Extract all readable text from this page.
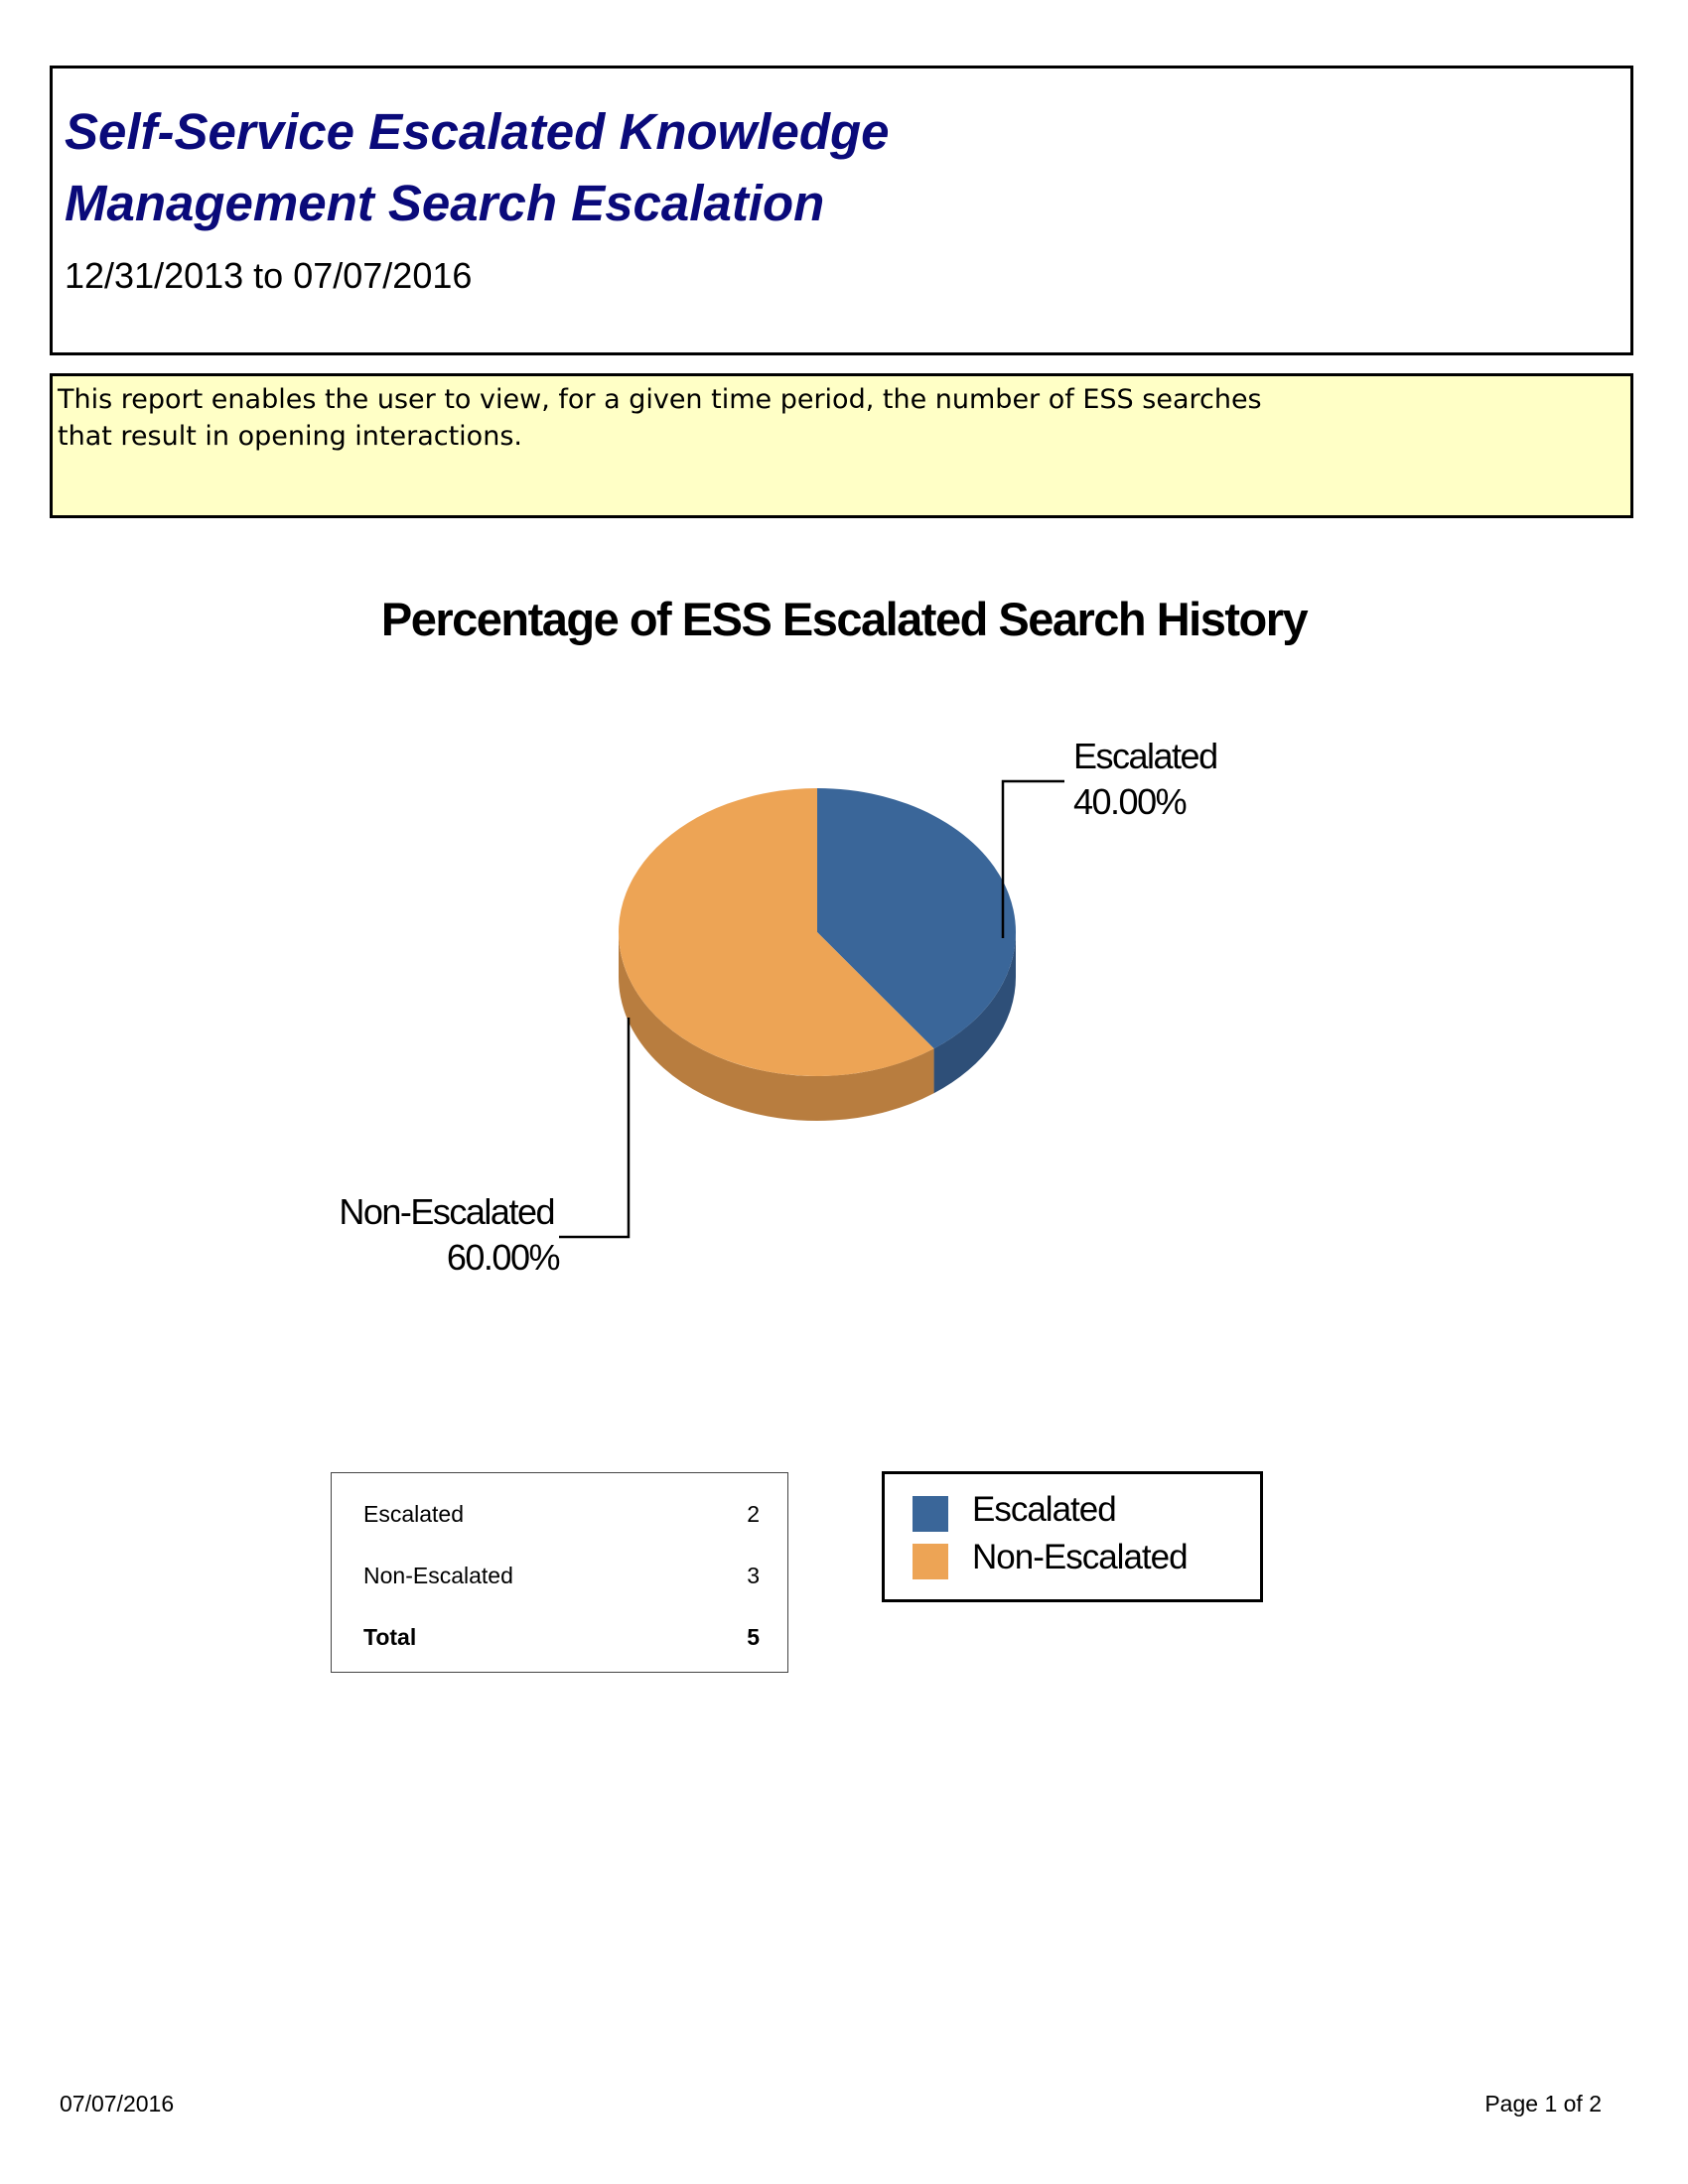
Self-Service Escalated Knowledge
Management Search Escalation
12/31/2013 to 07/07/2016
This report enables the user to view, for a given time period, the number of ESS searches
that result in opening interactions.
Percentage of ESS Escalated Search History
Escalated
40.00%
Non-Escalated
60.00%
Escalated	2
Non-Escalated	3
Total	5
Escalated
Non-Escalated
07/07/2016	Page 1 of 2
